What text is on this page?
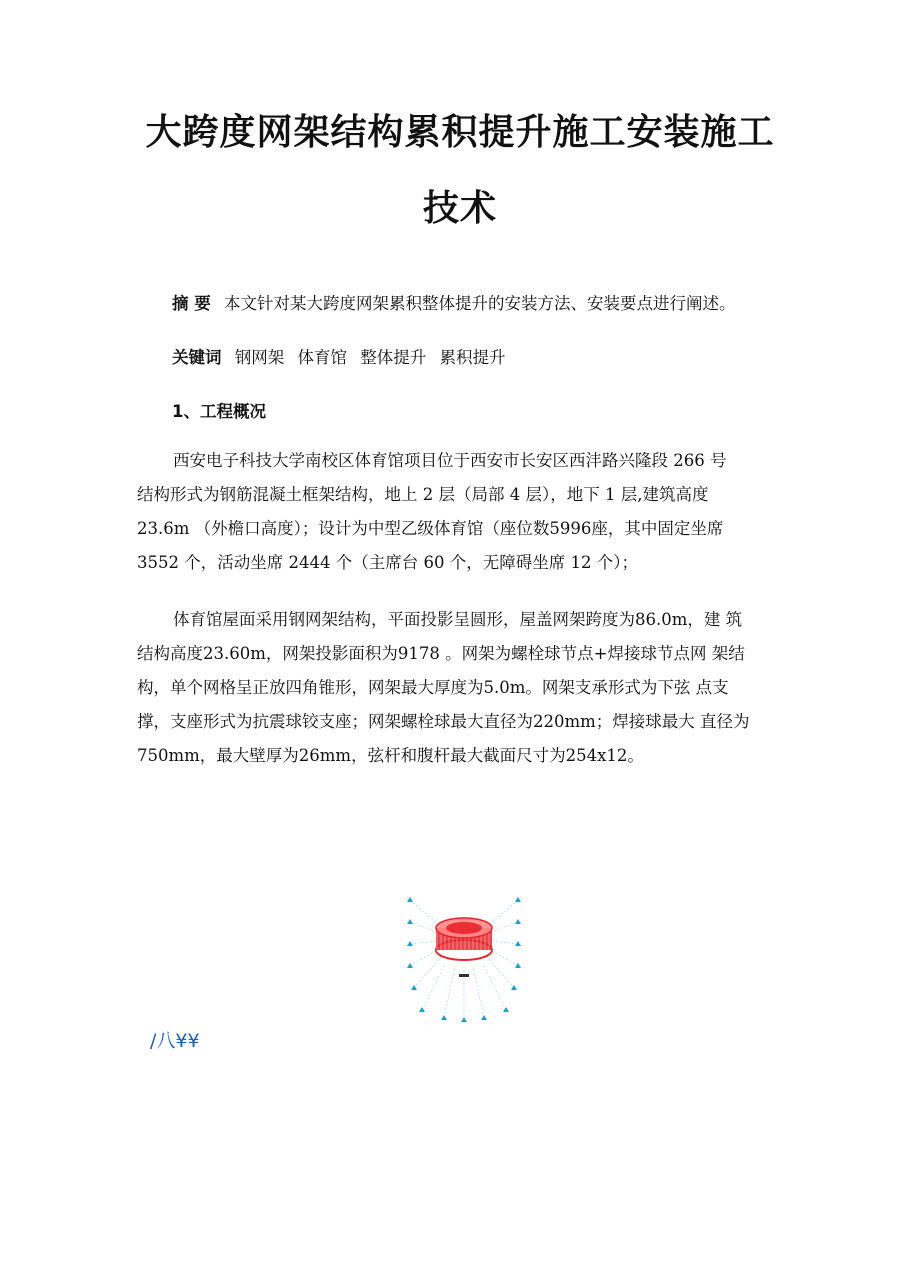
大跨度网架结构累积提升施工安装施工
技术
摘 要 本文针对某大跨度网架累积整体提升的安装方法、安装要点进行阐述。
关键词 钢网架 体育馆 整体提升 累积提升
1、工程概况

西安电子科技大学南校区体育馆项目位于西安市长安区西沣路兴隆段 266 号
结构形式为钢筋混凝土框架结构，地上 2 层（局部 4 层），地下 1 层,建筑高度
23.6m （外檐口高度）；设计为中型乙级体育馆（座位数5996座，其中固定坐席
3552 个，活动坐席 2444 个（主席台 60 个，无障碍坐席 12 个）；

体育馆屋面采用钢网架结构，平面投影呈圆形，屋盖网架跨度为86.0m，建 筑
结构高度23.60m，网架投影面积为9178 。网架为螺栓球节点+焊接球节点网 架结
构，单个网格呈正放四角锥形，网架最大厚度为5.0m。网架支承形式为下弦 点支
撑，支座形式为抗震球铰支座；网架螺栓球最大直径为220mm；焊接球最大 直径为
750mm，最大壁厚为26mm，弦杆和腹杆最大截面尺寸为254x12。

/八¥¥
